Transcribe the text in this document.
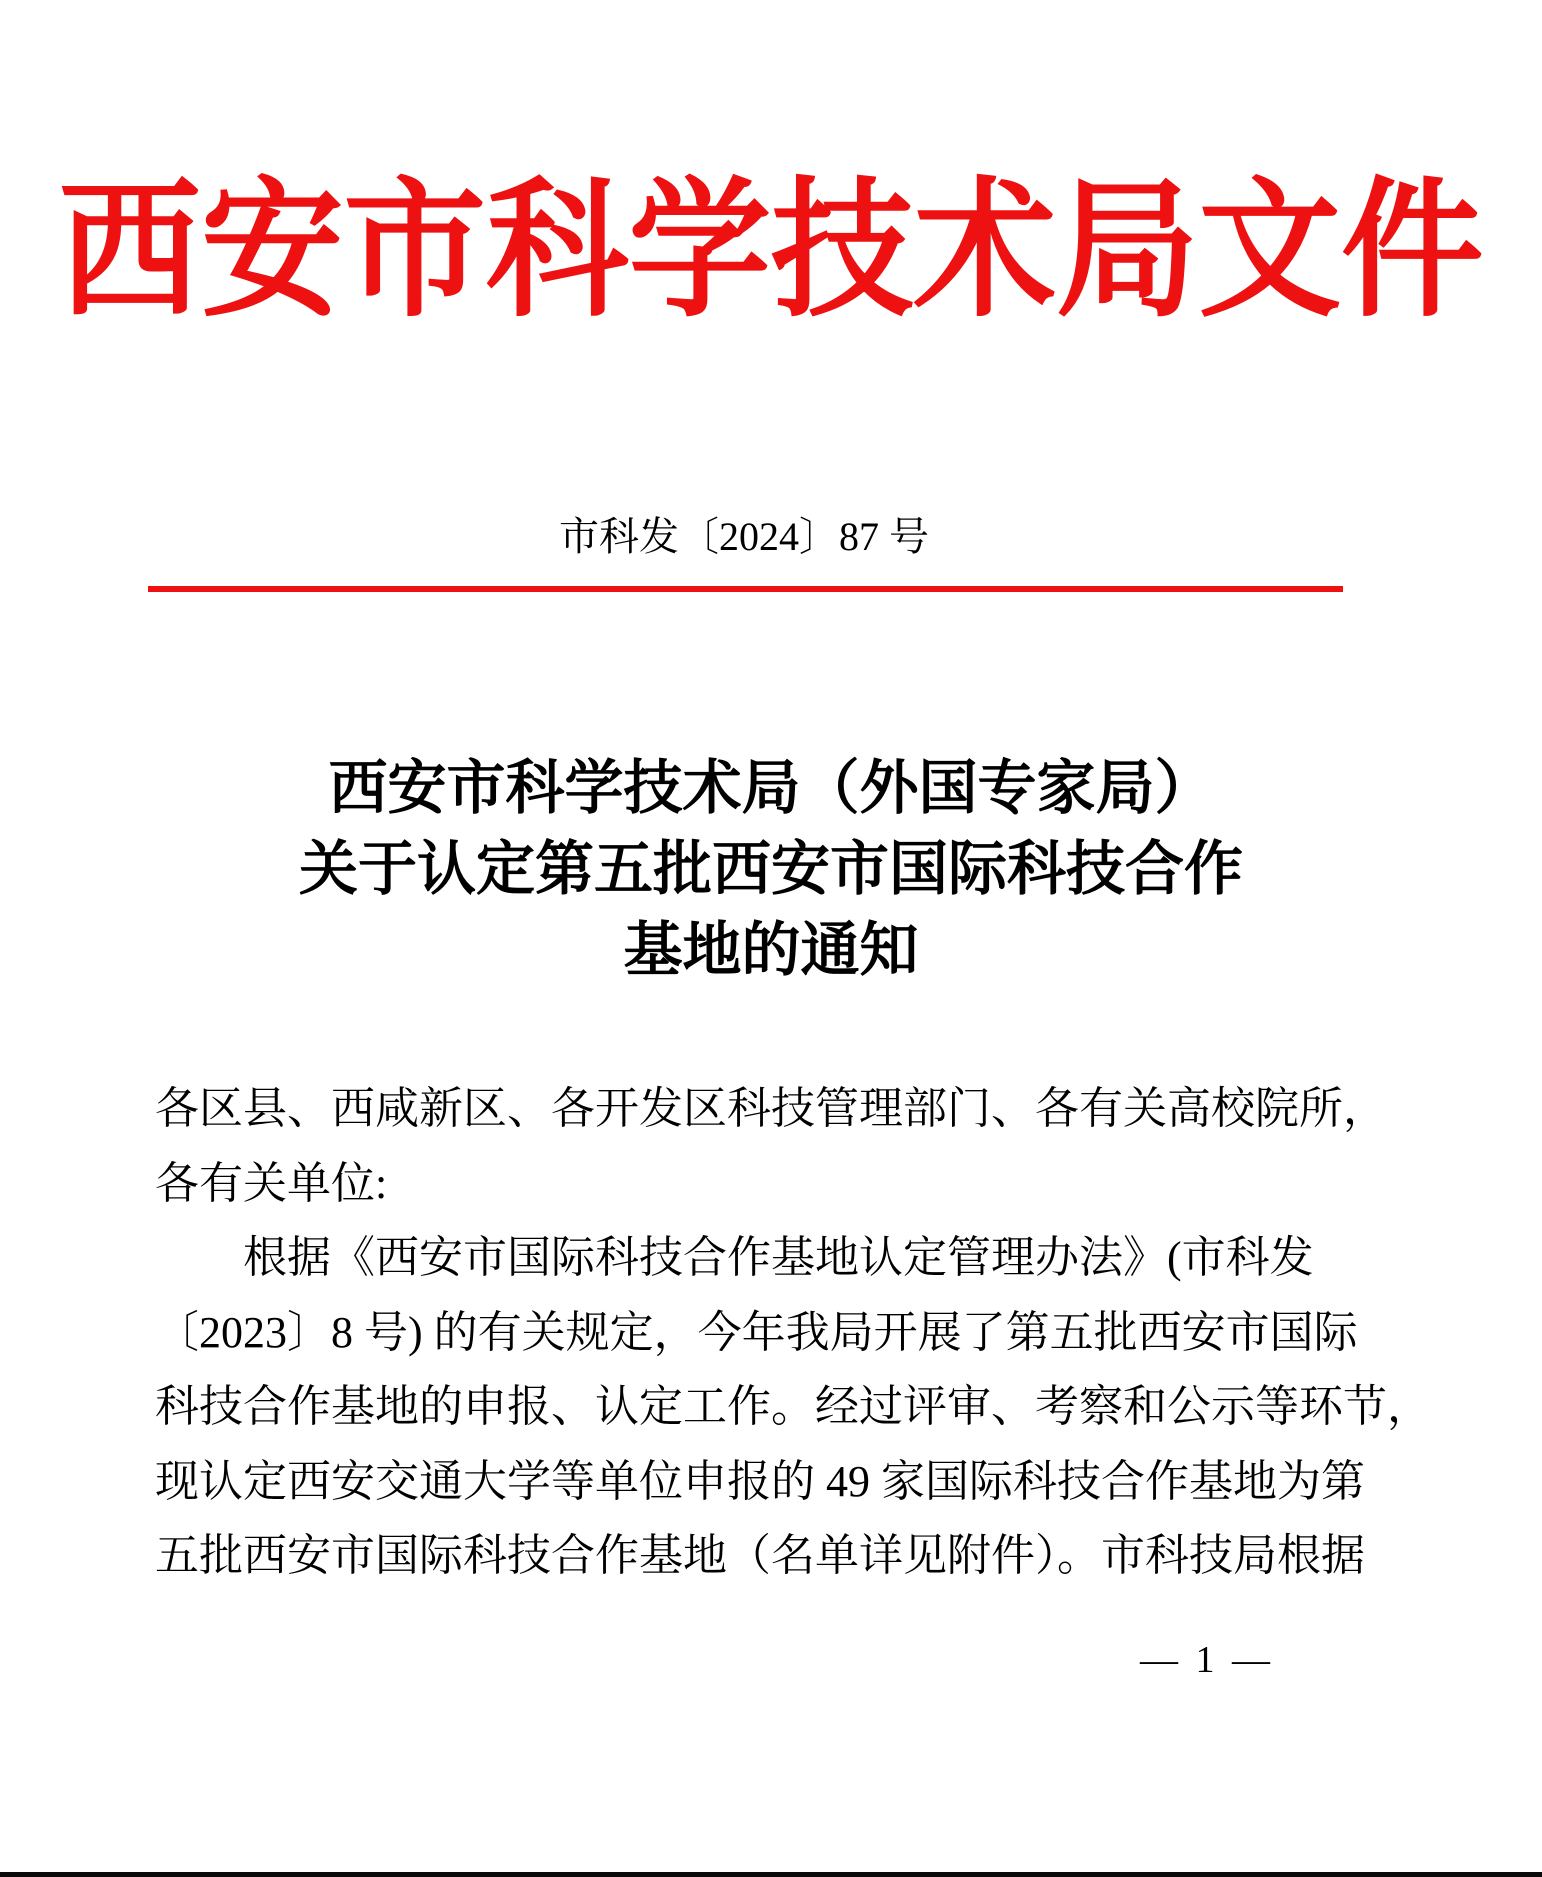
西安市科学技术局文件
市科发〔2024〕87 号
西安市科学技术局（外国专家局）
关于认定第五批西安市国际科技合作
基地的通知
各区县、西咸新区、各开发区科技管理部门、各有关高校院所，
各有关单位:
根据《西安市国际科技合作基地认定管理办法》(市科发
〔2023〕8 号) 的有关规定，今年我局开展了第五批西安市国际
科技合作基地的申报、认定工作。经过评审、考察和公示等环节，
现认定西安交通大学等单位申报的 49 家国际科技合作基地为第
五批西安市国际科技合作基地（名单详见附件）。市科技局根据
— 1 —
